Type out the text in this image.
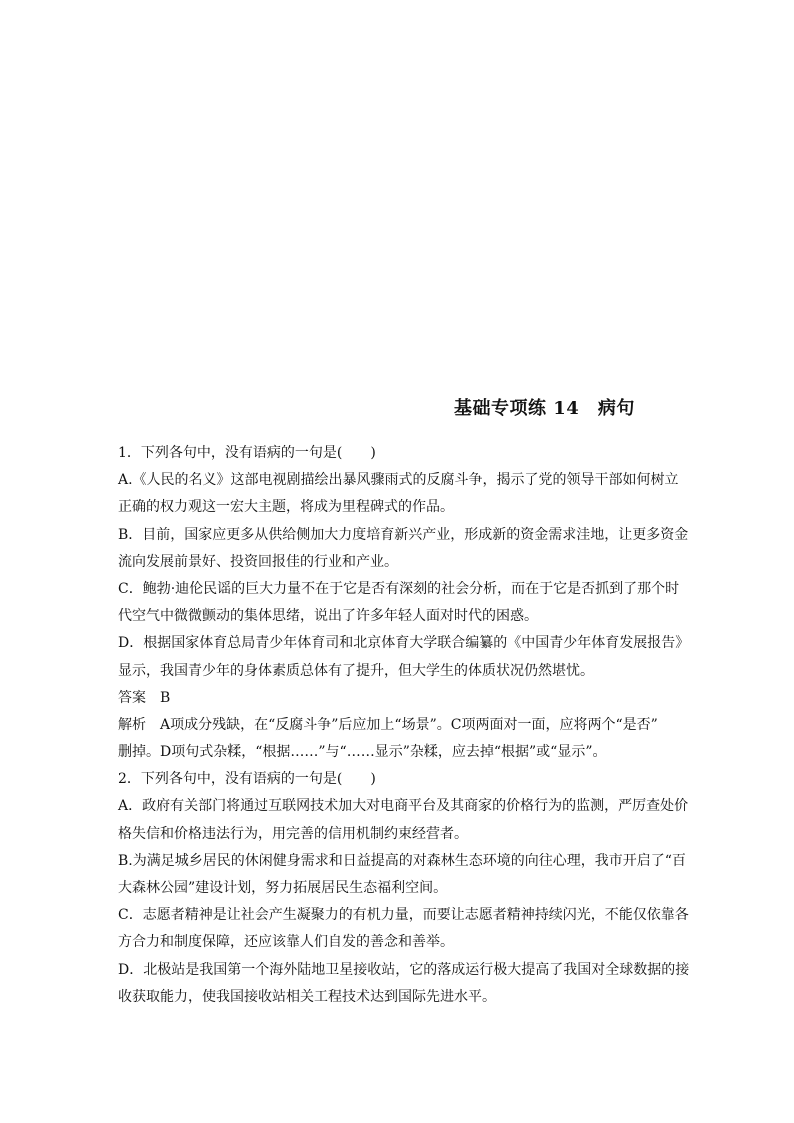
基础专项练 14　病句
1．下列各句中，没有语病的一句是(　　)
A.《人民的名义》这部电视剧描绘出暴风骤雨式的反腐斗争，揭示了党的领导干部如何树立
正确的权力观这一宏大主题，将成为里程碑式的作品。
B．目前，国家应更多从供给侧加大力度培育新兴产业，形成新的资金需求洼地，让更多资金
流向发展前景好、投资回报佳的行业和产业。
C．鲍勃·迪伦民谣的巨大力量不在于它是否有深刻的社会分析，而在于它是否抓到了那个时
代空气中微微颤动的集体思绪，说出了许多年轻人面对时代的困惑。
D．根据国家体育总局青少年体育司和北京体育大学联合编纂的《中国青少年体育发展报告》
显示，我国青少年的身体素质总体有了提升，但大学生的体质状况仍然堪忧。
答案　B
解析　A项成分残缺，在“反腐斗争”后应加上“场景”。C项两面对一面，应将两个“是否”
删掉。D项句式杂糅，“根据……”与“……显示”杂糅，应去掉“根据”或“显示”。
2．下列各句中，没有语病的一句是(　　)
A．政府有关部门将通过互联网技术加大对电商平台及其商家的价格行为的监测，严厉查处价
格失信和价格违法行为，用完善的信用机制约束经营者。
B.为满足城乡居民的休闲健身需求和日益提高的对森林生态环境的向往心理，我市开启了“百
大森林公园”建设计划，努力拓展居民生态福利空间。
C．志愿者精神是让社会产生凝聚力的有机力量，而要让志愿者精神持续闪光，不能仅依靠各
方合力和制度保障，还应该靠人们自发的善念和善举。
D．北极站是我国第一个海外陆地卫星接收站，它的落成运行极大提高了我国对全球数据的接
收获取能力，使我国接收站相关工程技术达到国际先进水平。
